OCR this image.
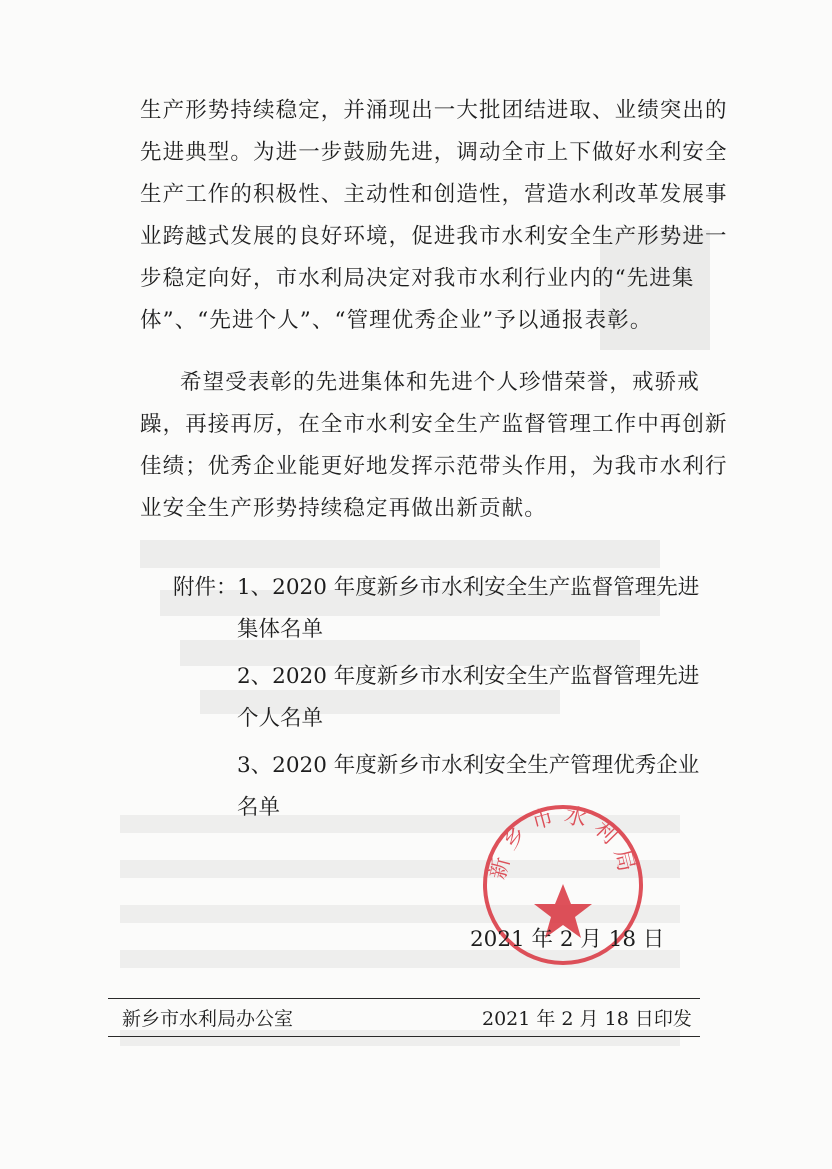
生产形势持续稳定，并涌现出一大批团结进取、业绩突出的
先进典型。为进一步鼓励先进，调动全市上下做好水利安全
生产工作的积极性、主动性和创造性，营造水利改革发展事
业跨越式发展的良好环境，促进我市水利安全生产形势进一
步稳定向好，市水利局决定对我市水利行业内的“先进集
体”、“先进个人”、“管理优秀企业”予以通报表彰。
希望受表彰的先进集体和先进个人珍惜荣誉，戒骄戒
躁，再接再厉，在全市水利安全生产监督管理工作中再创新
佳绩；优秀企业能更好地发挥示范带头作用，为我市水利行
业安全生产形势持续稳定再做出新贡献。
附件： 1、2020 年度新乡市水利安全生产监督管理先进
集体名单
2、2020 年度新乡市水利安全生产监督管理先进
个人名单
3、2020 年度新乡市水利安全生产管理优秀企业
名单
新乡市水利局
2021 年 2 月 18 日
新乡市水利局办公室	2021 年 2 月 18 日印发
